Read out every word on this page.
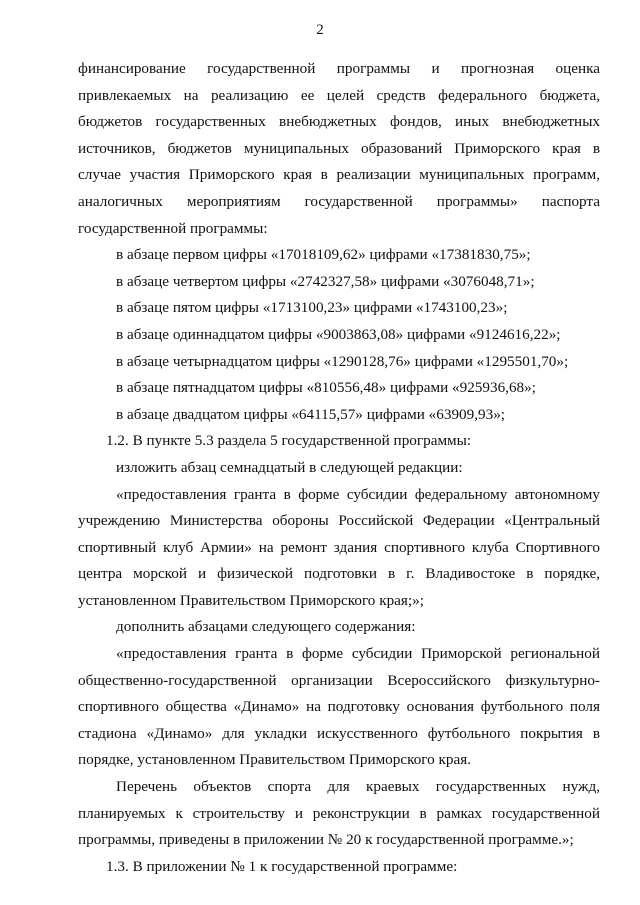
2
финансирование государственной программы и прогнозная оценка
привлекаемых на реализацию ее целей средств федерального бюджета,
бюджетов государственных внебюджетных фондов, иных внебюджетных
источников, бюджетов муниципальных образований Приморского края в
случае участия Приморского края в реализации муниципальных программ,
аналогичных мероприятиям государственной программы» паспорта
государственной программы:
в абзаце первом цифры «17018109,62» цифрами «17381830,75»;
в абзаце четвертом цифры «2742327,58» цифрами «3076048,71»;
в абзаце пятом цифры «1713100,23» цифрами «1743100,23»;
в абзаце одиннадцатом цифры «9003863,08» цифрами «9124616,22»;
в абзаце четырнадцатом цифры «1290128,76» цифрами «1295501,70»;
в абзаце пятнадцатом цифры «810556,48» цифрами «925936,68»;
в абзаце двадцатом цифры «64115,57» цифрами «63909,93»;
1.2. В пункте 5.3 раздела 5 государственной программы:
изложить абзац семнадцатый в следующей редакции:
«предоставления гранта в форме субсидии федеральному автономному
учреждению Министерства обороны Российской Федерации «Центральный
спортивный клуб Армии» на ремонт здания спортивного клуба Спортивного
центра морской и физической подготовки в г. Владивостоке в порядке,
установленном Правительством Приморского края;»;
дополнить абзацами следующего содержания:
«предоставления гранта в форме субсидии Приморской региональной
общественно-государственной организации Всероссийского физкультурно-
спортивного общества «Динамо» на подготовку основания футбольного поля
стадиона «Динамо» для укладки искусственного футбольного покрытия в
порядке, установленном Правительством Приморского края.
Перечень объектов спорта для краевых государственных нужд,
планируемых к строительству и реконструкции в рамках государственной
программы, приведены в приложении № 20 к государственной программе.»;
1.3. В приложении № 1 к государственной программе:
